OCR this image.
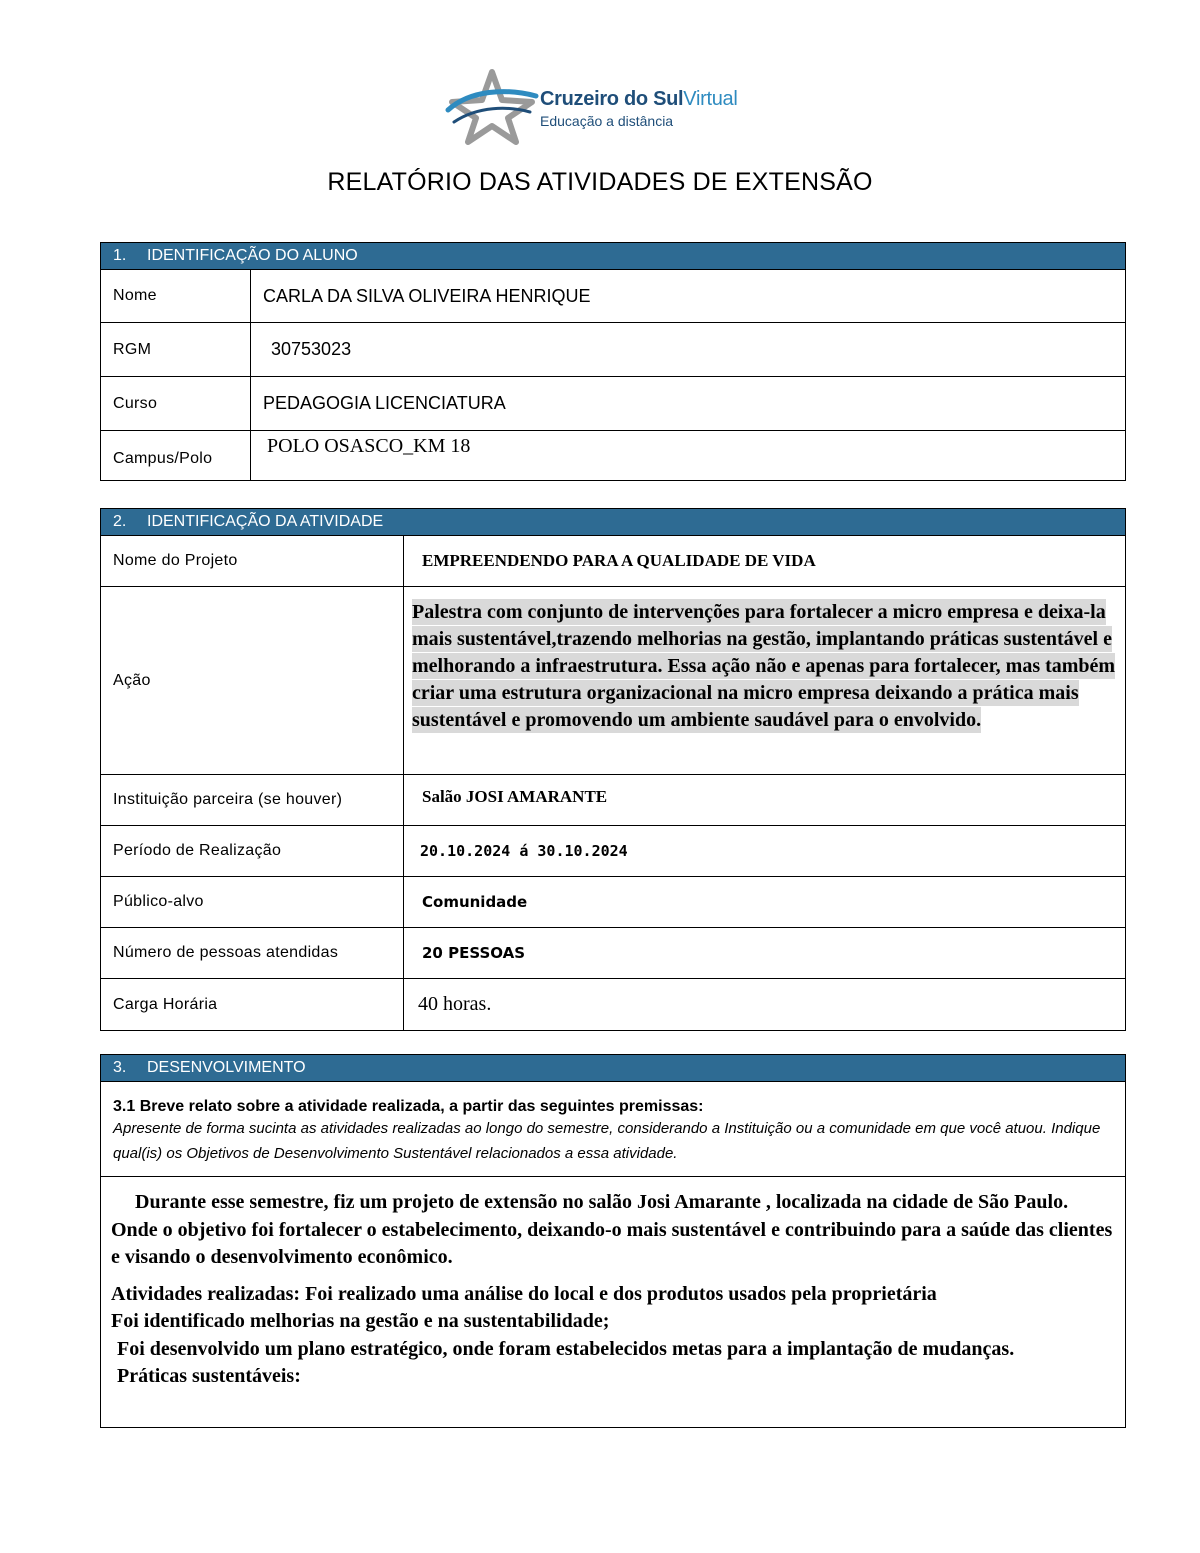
Cruzeiro do SulVirtual
Educação a distância
RELATÓRIO DAS ATIVIDADES DE EXTENSÃO
1. IDENTIFICAÇÃO DO ALUNO	
Nome	CARLA DA SILVA OLIVEIRA HENRIQUE
RGM	30753023
Curso	PEDAGOGIA LICENCIATURA
Campus/Polo	POLO OSASCO_KM 18
2. IDENTIFICAÇÃO DA ATIVIDADE	
Nome do Projeto	EMPREENDENDO PARA A QUALIDADE DE VIDA
Ação	Palestra com conjunto de intervenções para fortalecer a micro empresa e deixa-la mais sustentável,trazendo melhorias na gestão, implantando práticas sustentável e melhorando a infraestrutura. Essa ação não e apenas para fortalecer, mas também criar uma estrutura organizacional na micro empresa deixando a prática mais sustentável e promovendo um ambiente saudável para o envolvido.
Instituição parceira (se houver)	Salão JOSI AMARANTE
Período de Realização	20.10.2024 á 30.10.2024
Público-alvo	Comunidade
Número de pessoas atendidas	20 PESSOAS
Carga Horária	40 horas.
3. DESENVOLVIMENTO

3.1 Breve relato sobre a atividade realizada, a partir das seguintes premissas:
Apresente de forma sucinta as atividades realizadas ao longo do semestre, considerando a Instituição ou a comunidade em que você atuou. Indique qual(is) os Objetivos de Desenvolvimento Sustentável relacionados a essa atividade.

Durante esse semestre, fiz um projeto de extensão no salão Josi Amarante , localizada na cidade de São Paulo. Onde o objetivo foi fortalecer o estabelecimento, deixando-o mais sustentável e contribuindo para a saúde das clientes e visando o desenvolvimento econômico.

Atividades realizadas: Foi realizado uma análise do local e dos produtos usados pela proprietária

Foi identificado melhorias na gestão e na sustentabilidade;

Foi desenvolvido um plano estratégico, onde foram estabelecidos metas para a implantação de mudanças.

Práticas sustentáveis:
